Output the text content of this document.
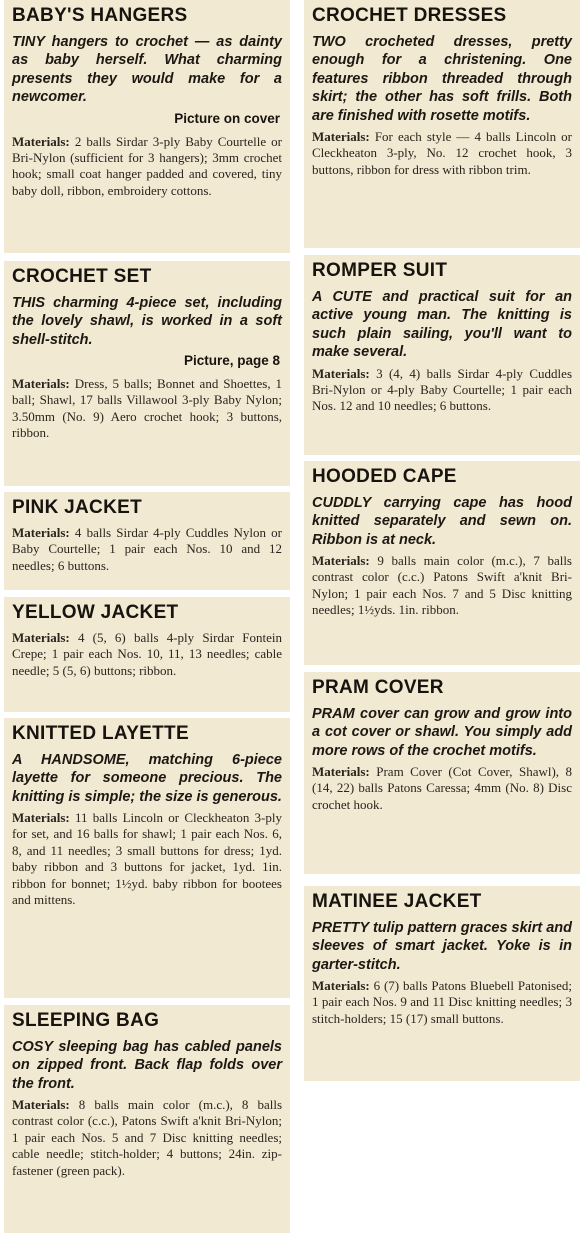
BABY'S HANGERS

TINY hangers to crochet — as dainty as baby herself. What charming presents they would make for a newcomer.

Picture on cover

Materials: 2 balls Sirdar 3-ply Baby Courtelle or Bri-Nylon (sufficient for 3 hangers); 3mm crochet hook; small coat hanger padded and covered, tiny baby doll, ribbon, embroidery cottons.

CROCHET SET

THIS charming 4-piece set, including the lovely shawl, is worked in a soft shell-stitch.

Picture, page 8

Materials: Dress, 5 balls; Bonnet and Shoettes, 1 ball; Shawl, 17 balls Villawool 3-ply Baby Nylon; 3.50mm (No. 9) Aero crochet hook; 3 buttons, ribbon.

PINK JACKET

Materials: 4 balls Sirdar 4-ply Cuddles Nylon or Baby Courtelle; 1 pair each Nos. 10 and 12 needles; 6 buttons.

YELLOW JACKET

Materials: 4 (5, 6) balls 4-ply Sirdar Fontein Crepe; 1 pair each Nos. 10, 11, 13 needles; cable needle; 5 (5, 6) buttons; ribbon.

KNITTED LAYETTE

A HANDSOME, matching 6-piece layette for someone precious. The knitting is simple; the size is generous.

Materials: 11 balls Lincoln or Cleckheaton 3-ply for set, and 16 balls for shawl; 1 pair each Nos. 6, 8, and 11 needles; 3 small buttons for dress; 1yd. baby ribbon and 3 buttons for jacket, 1yd. 1in. ribbon for bonnet; 1½yd. baby ribbon for bootees and mittens.

SLEEPING BAG

COSY sleeping bag has cabled panels on zipped front. Back flap folds over the front.

Materials: 8 balls main color (m.c.), 8 balls contrast color (c.c.), Patons Swift a'knit Bri-Nylon; 1 pair each Nos. 5 and 7 Disc knitting needles; cable needle; stitch-holder; 4 buttons; 24in. zip-fastener (green pack).

CROCHET DRESSES

TWO crocheted dresses, pretty enough for a christening. One features ribbon threaded through skirt; the other has soft frills. Both are finished with rosette motifs.

Materials: For each style — 4 balls Lincoln or Cleckheaton 3-ply, No. 12 crochet hook, 3 buttons, ribbon for dress with ribbon trim.

ROMPER SUIT

A CUTE and practical suit for an active young man. The knitting is such plain sailing, you'll want to make several.

Materials: 3 (4, 4) balls Sirdar 4-ply Cuddles Bri-Nylon or 4-ply Baby Courtelle; 1 pair each Nos. 12 and 10 needles; 6 buttons.

HOODED CAPE

CUDDLY carrying cape has hood knitted separately and sewn on. Ribbon is at neck.

Materials: 9 balls main color (m.c.), 7 balls contrast color (c.c.) Patons Swift a'knit Bri-Nylon; 1 pair each Nos. 7 and 5 Disc knitting needles; 1½yds. 1in. ribbon.

PRAM COVER

PRAM cover can grow and grow into a cot cover or shawl. You simply add more rows of the crochet motifs.

Materials: Pram Cover (Cot Cover, Shawl), 8 (14, 22) balls Patons Caressa; 4mm (No. 8) Disc crochet hook.

MATINEE JACKET

PRETTY tulip pattern graces skirt and sleeves of smart jacket. Yoke is in garter-stitch.

Materials: 6 (7) balls Patons Bluebell Patonised; 1 pair each Nos. 9 and 11 Disc knitting needles; 3 stitch-holders; 15 (17) small buttons.
